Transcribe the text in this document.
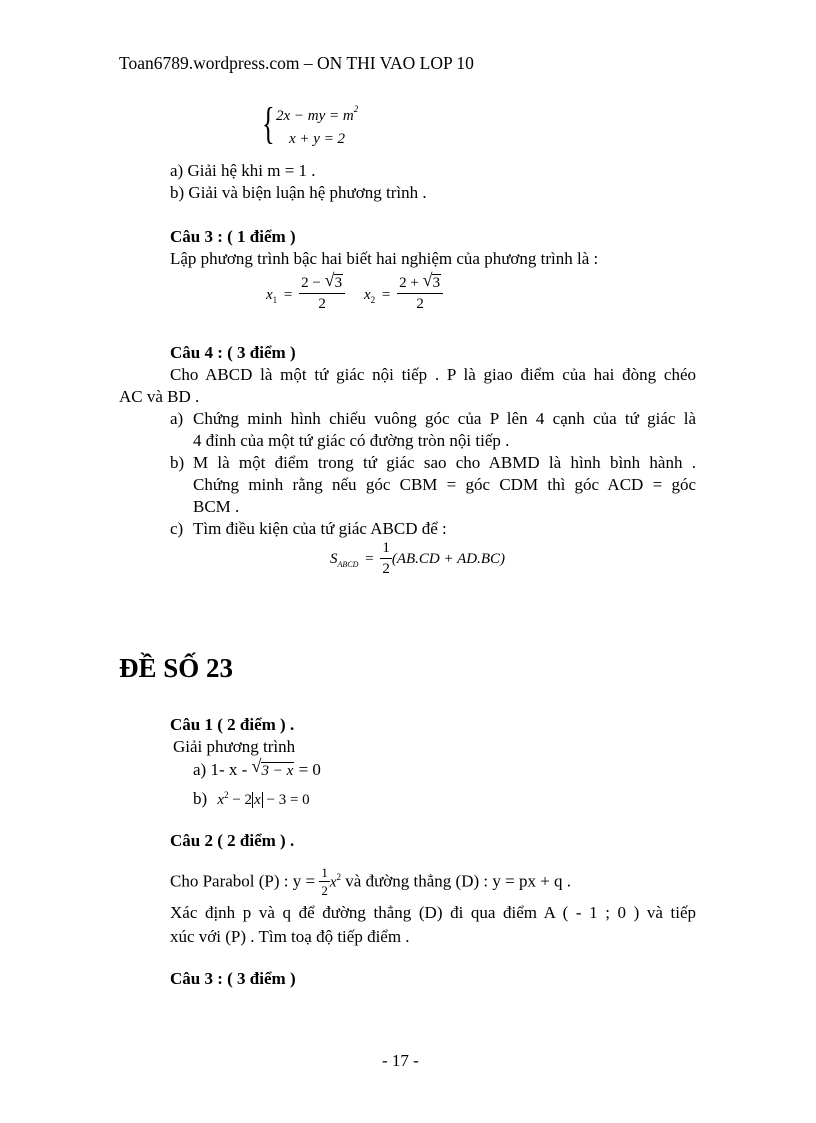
Toan6789.wordpress.com – ON THI VAO LOP 10
{ 2x − my = $m^2$
x + y = 2
a) Giải hệ khi m = 1 .
b) Giải và biện luận hệ phương trình .
Câu 3 : ( 1 điểm )
Lập phương trình bậc hai biết hai nghiệm của phương trình là :
$x_1 = \frac{2 - √ 3}{2} x_2 = \frac{2 + √ 3}{2}$
Câu 4 : ( 3 điểm )
Cho ABCD là một tứ giác nội tiếp . P là giao điểm của hai đòng chéo
AC và BD .
a) Chứng minh hình chiếu vuông góc của P lên 4 cạnh của tứ giác là
4 đỉnh của một tứ giác có đường tròn nội tiếp .
b) M là một điểm trong tứ giác sao cho ABMD là hình bình hành .
Chứng minh rằng nếu góc CBM = góc CDM thì góc ACD = góc
BCM .
c) Tìm điều kiện của tứ giác ABCD để :
$S_{ABCD} = \frac{1}{2} (AB.CD + AD.BC)$
ĐỀ SỐ 23
Câu 1 ( 2 điểm ) .
Giải phương trình
a) 1- x - √ 3 − x = 0
b) $x^2 - 2$ x − 3 = 0
Câu 2 ( 2 điểm ) .
Cho Parabol (P) : $y = \frac{1}{2} x^2$ và đường thẳng (D) : y = px + q .
Xác định p và q để đường thẳng (D) đi qua điểm A ( - 1 ; 0 ) và tiếp
xúc với (P) . Tìm toạ độ tiếp điểm .
Câu 3 : ( 3 điểm )
- 17 -
